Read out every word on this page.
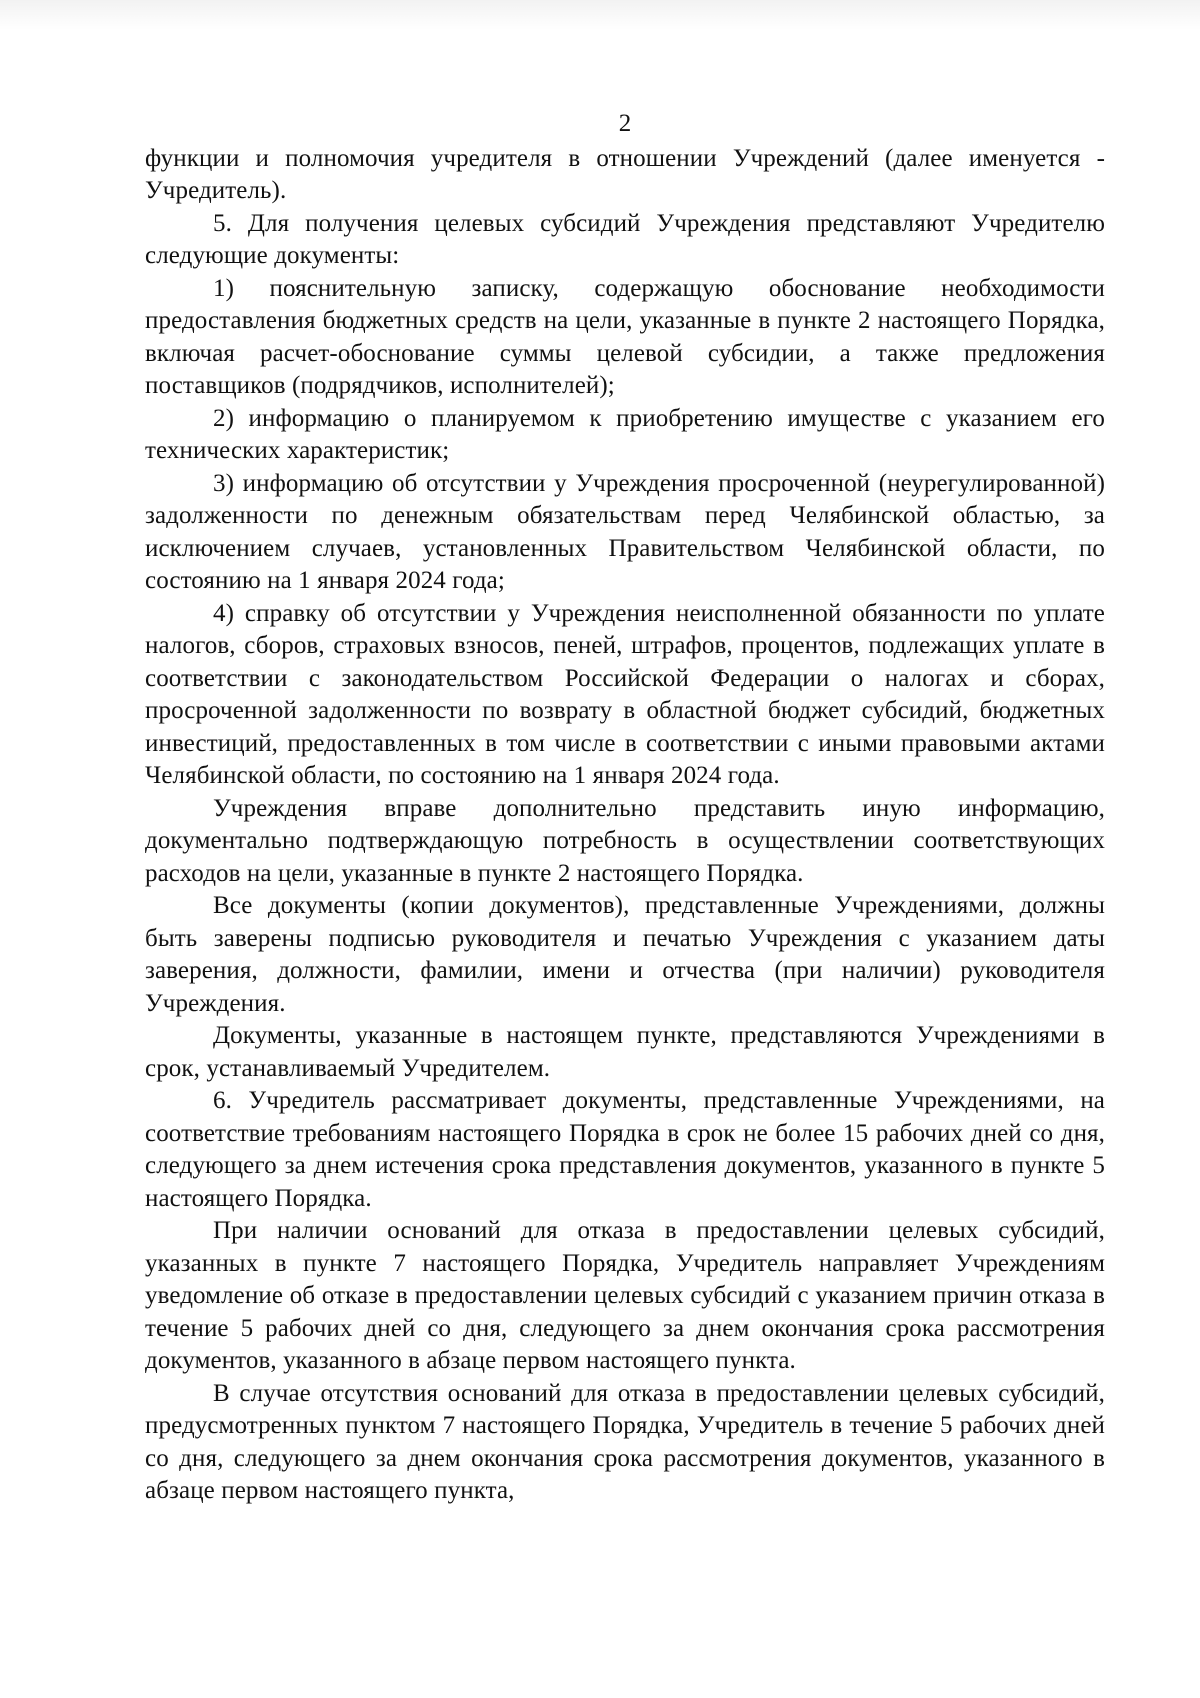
2

функции и полномочия учредителя в отношении Учреждений (далее именуется - Учредитель).

5. Для получения целевых субсидий Учреждения представляют Учредителю следующие документы:

1) пояснительную записку, содержащую обоснование необходимости предоставления бюджетных средств на цели, указанные в пункте 2 настоящего Порядка, включая расчет-обоснование суммы целевой субсидии, а также предложения поставщиков (подрядчиков, исполнителей);

2) информацию о планируемом к приобретению имуществе с указанием его технических характеристик;

3) информацию об отсутствии у Учреждения просроченной (неурегулированной) задолженности по денежным обязательствам перед Челябинской областью, за исключением случаев, установленных Правительством Челябинской области, по состоянию на 1 января 2024 года;

4) справку об отсутствии у Учреждения неисполненной обязанности по уплате налогов, сборов, страховых взносов, пеней, штрафов, процентов, подлежащих уплате в соответствии с законодательством Российской Федерации о налогах и сборах, просроченной задолженности по возврату в областной бюджет субсидий, бюджетных инвестиций, предоставленных в том числе в соответствии с иными правовыми актами Челябинской области, по состоянию на 1 января 2024 года.

Учреждения вправе дополнительно представить иную информацию, документально подтверждающую потребность в осуществлении соответствующих расходов на цели, указанные в пункте 2 настоящего Порядка.

Все документы (копии документов), представленные Учреждениями, должны быть заверены подписью руководителя и печатью Учреждения с указанием даты заверения, должности, фамилии, имени и отчества (при наличии) руководителя Учреждения.

Документы, указанные в настоящем пункте, представляются Учреждениями в срок, устанавливаемый Учредителем.

6. Учредитель рассматривает документы, представленные Учреждениями, на соответствие требованиям настоящего Порядка в срок не более 15 рабочих дней со дня, следующего за днем истечения срока представления документов, указанного в пункте 5 настоящего Порядка.

При наличии оснований для отказа в предоставлении целевых субсидий, указанных в пункте 7 настоящего Порядка, Учредитель направляет Учреждениям уведомление об отказе в предоставлении целевых субсидий с указанием причин отказа в течение 5 рабочих дней со дня, следующего за днем окончания срока рассмотрения документов, указанного в абзаце первом настоящего пункта.

В случае отсутствия оснований для отказа в предоставлении целевых субсидий, предусмотренных пунктом 7 настоящего Порядка, Учредитель в течение 5 рабочих дней со дня, следующего за днем окончания срока рассмотрения документов, указанного в абзаце первом настоящего пункта,
